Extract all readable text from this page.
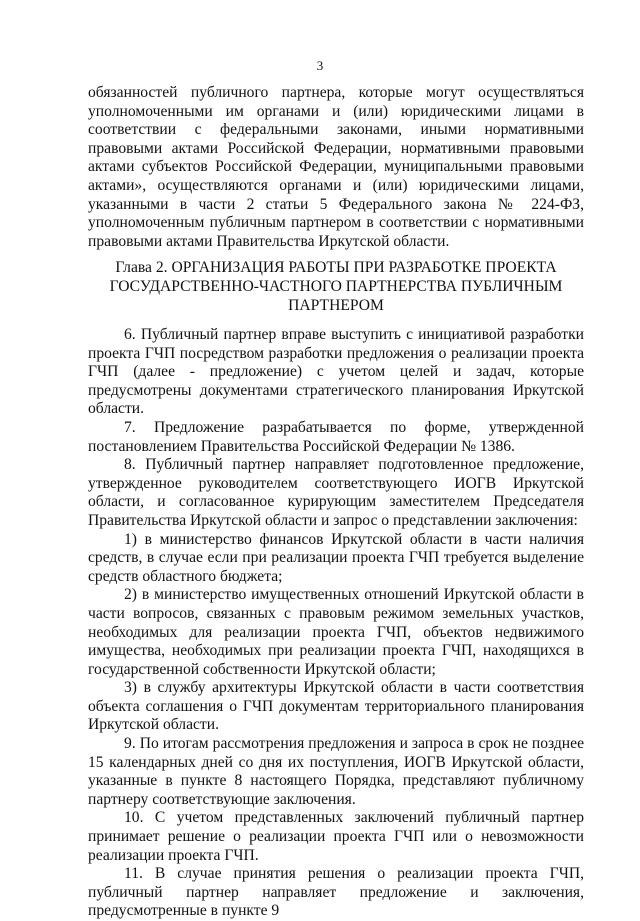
3

обязанностей публичного партнера, которые могут осуществляться уполномоченными им органами и (или) юридическими лицами в соответствии с федеральными законами, иными нормативными правовыми актами Российской Федерации, нормативными правовыми актами субъектов Российской Федерации, муниципальными правовыми актами», осуществляются органами и (или) юридическими лицами, указанными в части 2 статьи 5 Федерального закона № 224-ФЗ, уполномоченным публичным партнером в соответствии с нормативными правовыми актами Правительства Иркутской области.

Глава 2. ОРГАНИЗАЦИЯ РАБОТЫ ПРИ РАЗРАБОТКЕ ПРОЕКТА ГОСУДАРСТВЕННО-ЧАСТНОГО ПАРТНЕРСТВА ПУБЛИЧНЫМ ПАРТНЕРОМ

6. Публичный партнер вправе выступить с инициативой разработки проекта ГЧП посредством разработки предложения о реализации проекта ГЧП (далее - предложение) с учетом целей и задач, которые предусмотрены документами стратегического планирования Иркутской области.

7. Предложение разрабатывается по форме, утвержденной постановлением Правительства Российской Федерации № 1386.

8. Публичный партнер направляет подготовленное предложение, утвержденное руководителем соответствующего ИОГВ Иркутской области, и согласованное курирующим заместителем Председателя Правительства Иркутской области и запрос о представлении заключения:

1) в министерство финансов Иркутской области в части наличия средств, в случае если при реализации проекта ГЧП требуется выделение средств областного бюджета;

2) в министерство имущественных отношений Иркутской области в части вопросов, связанных с правовым режимом земельных участков, необходимых для реализации проекта ГЧП, объектов недвижимого имущества, необходимых при реализации проекта ГЧП, находящихся в государственной собственности Иркутской области;

3) в службу архитектуры Иркутской области в части соответствия объекта соглашения о ГЧП документам территориального планирования Иркутской области.

9. По итогам рассмотрения предложения и запроса в срок не позднее 15 календарных дней со дня их поступления, ИОГВ Иркутской области, указанные в пункте 8 настоящего Порядка, представляют публичному партнеру соответствующие заключения.

10. С учетом представленных заключений публичный партнер принимает решение о реализации проекта ГЧП или о невозможности реализации проекта ГЧП.

11. В случае принятия решения о реализации проекта ГЧП, публичный партнер направляет предложение и заключения, предусмотренные в пункте 9
